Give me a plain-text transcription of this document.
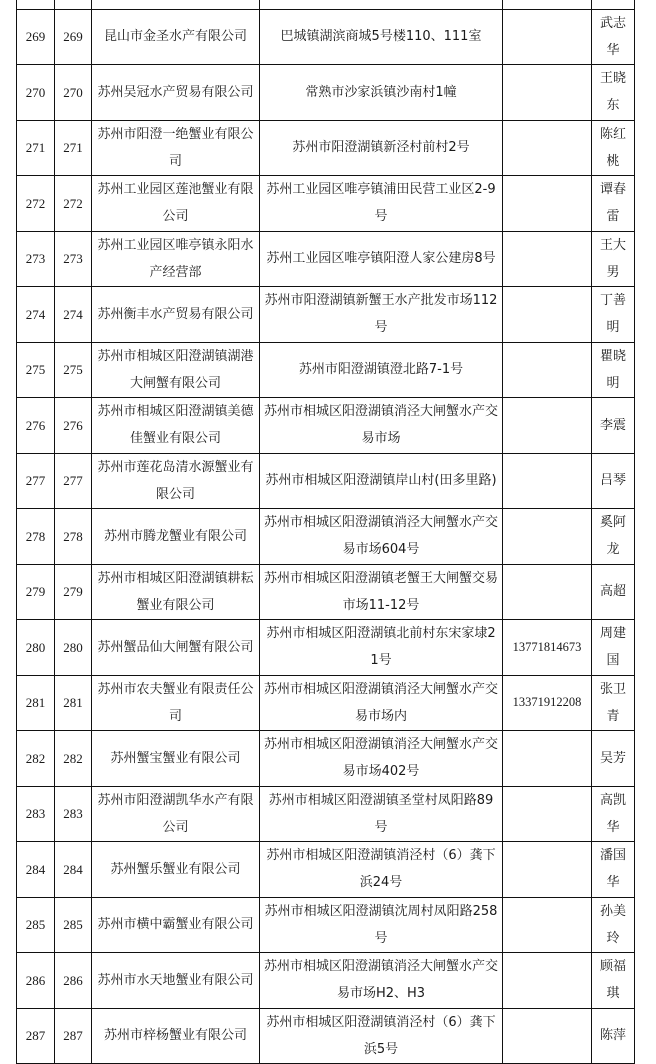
269	269	昆山市金圣水产有限公司	巴城镇湖滨商城5号楼110、111室		武志华
270	270	苏州吴冠水产贸易有限公司	常熟市沙家浜镇沙南村1幢		王晓东
271	271	苏州市阳澄一绝蟹业有限公司	苏州市阳澄湖镇新泾村前村2号		陈红桃
272	272	苏州工业园区莲池蟹业有限公司	苏州工业园区唯亭镇浦田民营工业区2-9号		谭春雷
273	273	苏州工业园区唯亭镇永阳水产经营部	苏州工业园区唯亭镇阳澄人家公建房8号		王大男
274	274	苏州衡丰水产贸易有限公司	苏州市阳澄湖镇新蟹王水产批发市场112号		丁善明
275	275	苏州市相城区阳澄湖镇湖港大闸蟹有限公司	苏州市阳澄湖镇澄北路7-1号		瞿晓明
276	276	苏州市相城区阳澄湖镇美德佳蟹业有限公司	苏州市相城区阳澄湖镇消泾大闸蟹水产交易市场		李震
277	277	苏州市莲花岛清水源蟹业有限公司	苏州市相城区阳澄湖镇岸山村(田多里路)		吕琴
278	278	苏州市腾龙蟹业有限公司	苏州市相城区阳澄湖镇消泾大闸蟹水产交易市场604号		奚阿龙
279	279	苏州市相城区阳澄湖镇耕耘蟹业有限公司	苏州市相城区阳澄湖镇老蟹王大闸蟹交易市场11-12号		高超
280	280	苏州蟹品仙大闸蟹有限公司	苏州市相城区阳澄湖镇北前村东宋家埭21号	13771814673	周建国
281	281	苏州市农夫蟹业有限责任公司	苏州市相城区阳澄湖镇消泾大闸蟹水产交易市场内	13371912208	张卫青
282	282	苏州蟹宝蟹业有限公司	苏州市相城区阳澄湖镇消泾大闸蟹水产交易市场402号		吴芳
283	283	苏州市阳澄湖凯华水产有限公司	苏州市相城区阳澄湖镇圣堂村凤阳路89号		高凯华
284	284	苏州蟹乐蟹业有限公司	苏州市相城区阳澄湖镇消泾村（6）龚下浜24号		潘国华
285	285	苏州市横中霸蟹业有限公司	苏州市相城区阳澄湖镇沈周村凤阳路258号		孙美玲
286	286	苏州市水天地蟹业有限公司	苏州市相城区阳澄湖镇消泾大闸蟹水产交易市场H2、H3		顾福琪
287	287	苏州市梓杨蟹业有限公司	苏州市相城区阳澄湖镇消泾村（6）龚下浜5号		陈萍
